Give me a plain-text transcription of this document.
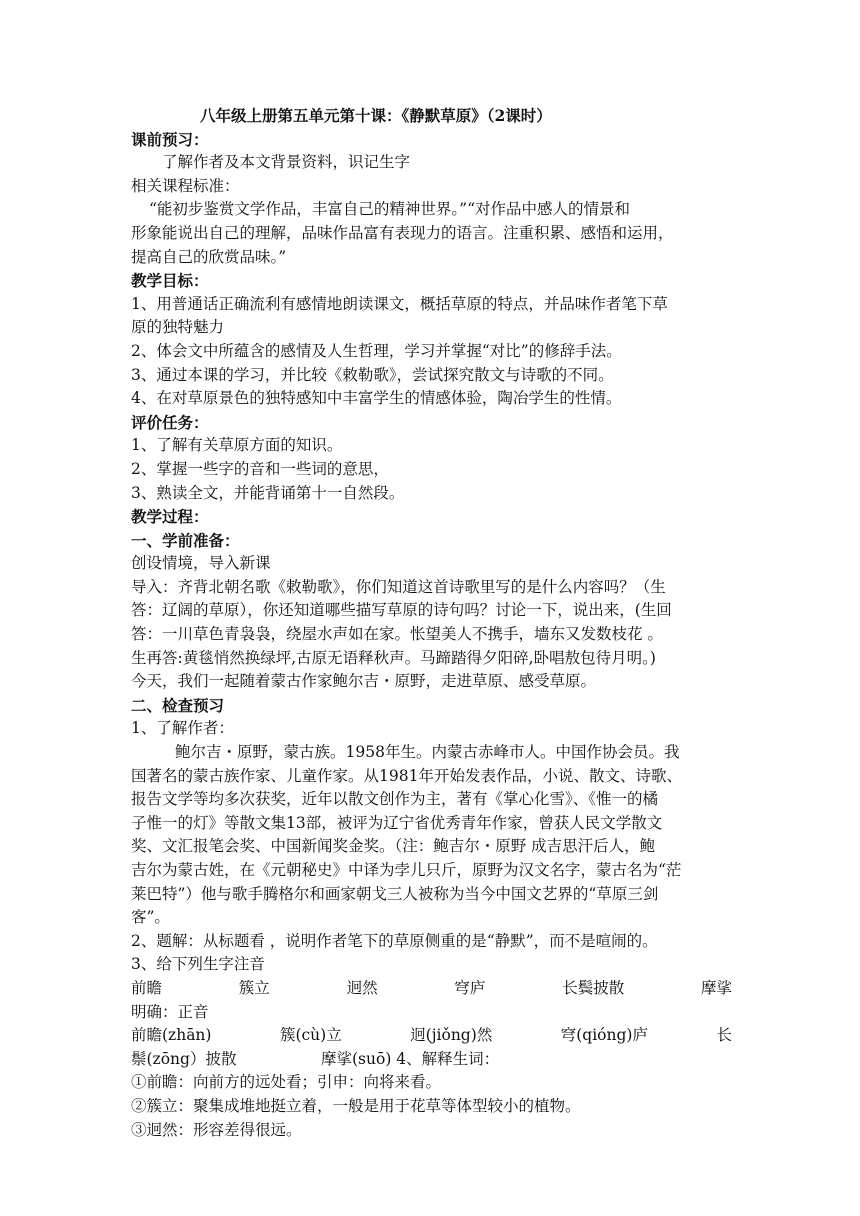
八年级上册第五单元第十课：《静默草原》（2课时）
课前预习：
了解作者及本文背景资料，识记生字
相关课程标准：
“能初步鉴赏文学作品，丰富自己的精神世界。”“对作品中感人的情景和
形象能说出自己的理解，品味作品富有表现力的语言。注重积累、感悟和运用，
提高自己的欣赏品味。”
教学目标：
1、用普通话正确流利有感情地朗读课文，概括草原的特点，并品味作者笔下草
原的独特魅力
2、体会文中所蕴含的感情及人生哲理，学习并掌握“对比”的修辞手法。
3、通过本课的学习，并比较《敕勒歌》，尝试探究散文与诗歌的不同。
4、在对草原景色的独特感知中丰富学生的情感体验，陶冶学生的性情。
评价任务：
1、了解有关草原方面的知识。
2、掌握一些字的音和一些词的意思，
3、熟读全文，并能背诵第十一自然段。
教学过程：
一、学前准备：
创设情境，导入新课
导入：齐背北朝名歌《敕勒歌》，你们知道这首诗歌里写的是什么内容吗？（生
答：辽阔的草原），你还知道哪些描写草原的诗句吗？讨论一下，说出来，(生回
答：一川草色青袅袅，绕屋水声如在家。怅望美人不携手，墙东又发数枝花 。
生再答:黄毯悄然换绿坪,古原无语释秋声。马蹄踏得夕阳碎,卧唱敖包待月明。)
今天，我们一起随着蒙古作家鲍尔吉・原野，走进草原、感受草原。
二、检查预习
1、了解作者：
鲍尔吉・原野，蒙古族。1958年生。内蒙古赤峰市人。中国作协会员。我
国著名的蒙古族作家、儿童作家。从1981年开始发表作品，小说、散文、诗歌、
报告文学等均多次获奖，近年以散文创作为主，著有《掌心化雪》、《惟一的橘
子惟一的灯》等散文集13部，被评为辽宁省优秀青年作家，曾获人民文学散文
奖、文汇报笔会奖、中国新闻奖金奖。（注：鲍吉尔・原野 成吉思汗后人，鲍
吉尔为蒙古姓，在《元朝秘史》中译为孛儿只斤，原野为汉文名字，蒙古名为“茫
莱巴特”）他与歌手腾格尔和画家朝戈三人被称为当今中国文艺界的“草原三剑
客”。
2、题解：从标题看 ，说明作者笔下的草原侧重的是“静默”，而不是喧闹的。
3、给下列生字注音
前瞻	簇立	迥然	穹庐	长鬓披散	摩挲
明确：正音
前瞻(zhān)	簇(cù)立	迥(jiǒng)然	穹(qióng)庐	长
鬃(zōng）披散	摩挲(suō) 4、解释生词：
①前瞻：向前方的远处看；引申：向将来看。
②簇立：聚集成堆地挺立着，一般是用于花草等体型较小的植物。
③迥然：形容差得很远。
